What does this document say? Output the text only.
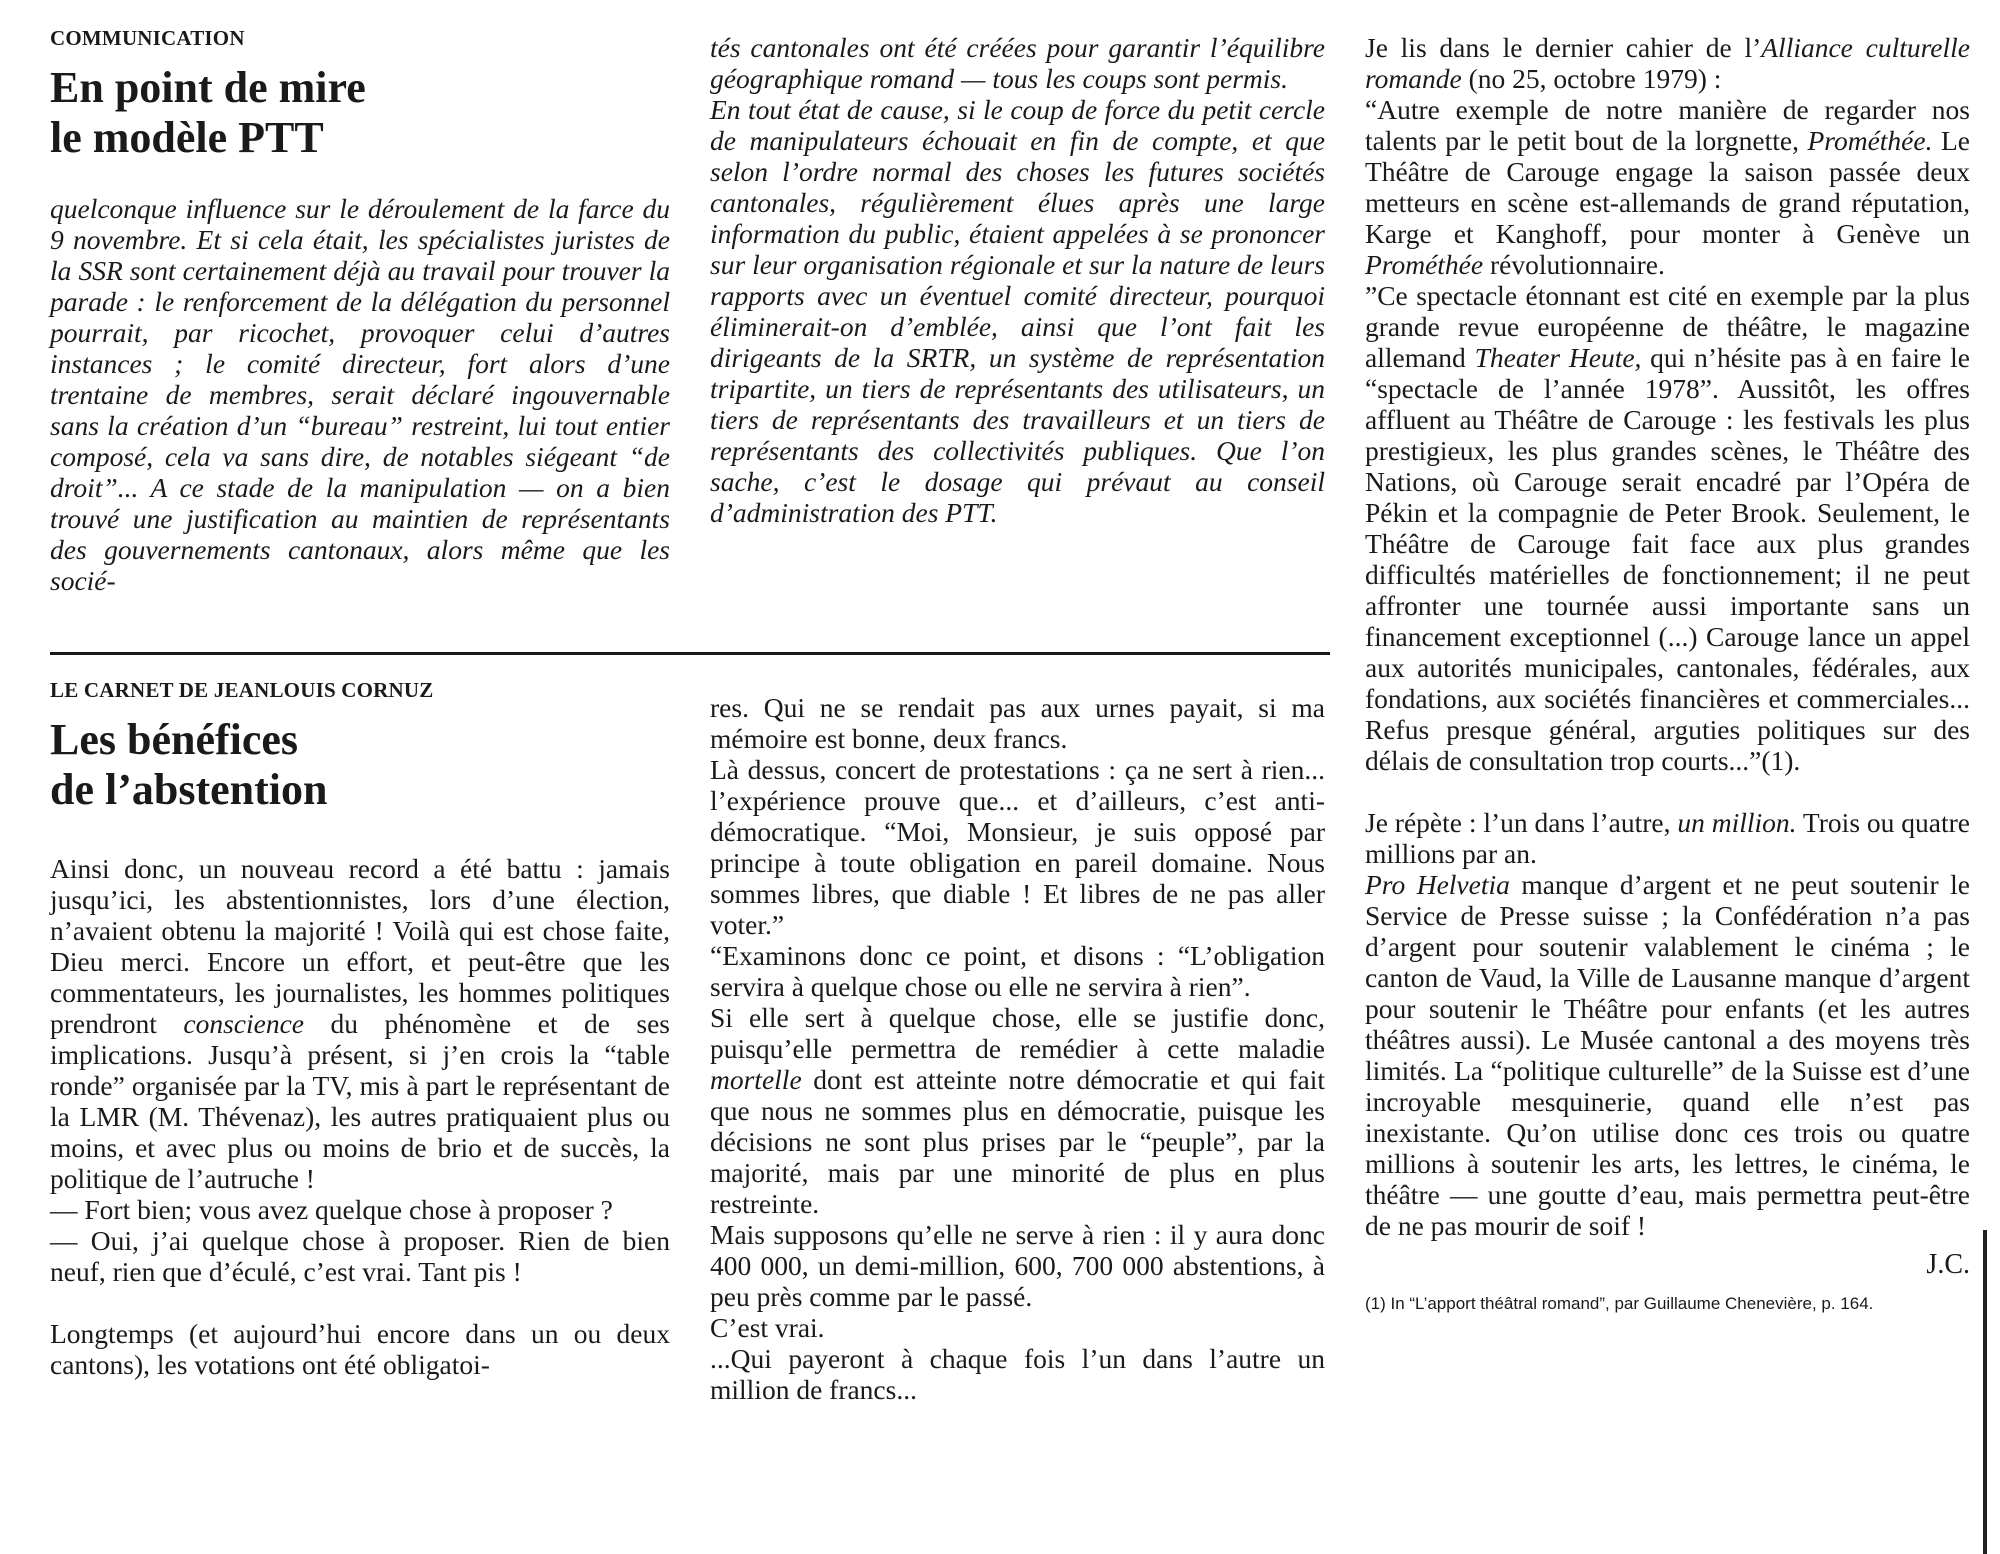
COMMUNICATION
En point de mire
le modèle PTT

quelconque influence sur le déroulement de la farce du 9 novembre. Et si cela était, les spécialistes juristes de la SSR sont certainement déjà au travail pour trouver la parade : le renforcement de la délégation du personnel pourrait, par ricochet, provoquer celui d’autres instances ; le comité directeur, fort alors d’une trentaine de membres, serait déclaré ingouvernable sans la création d’un “bureau” restreint, lui tout entier composé, cela va sans dire, de notables siégeant “de droit”... A ce stade de la manipulation — on a bien trouvé une justification au maintien de représentants des gouvernements cantonaux, alors même que les socié-

tés cantonales ont été créées pour garantir l’équilibre géographique romand — tous les coups sont permis.

En tout état de cause, si le coup de force du petit cercle de manipulateurs échouait en fin de compte, et que selon l’ordre normal des choses les futures sociétés cantonales, régulièrement élues après une large information du public, étaient appelées à se prononcer sur leur organisation régionale et sur la nature de leurs rapports avec un éventuel comité directeur, pourquoi éliminerait-on d’emblée, ainsi que l’ont fait les dirigeants de la SRTR, un système de représentation tripartite, un tiers de représentants des utilisateurs, un tiers de représentants des travailleurs et un tiers de représentants des collectivités publiques. Que l’on sache, c’est le dosage qui prévaut au conseil d’administration des PTT.

LE CARNET DE JEANLOUIS CORNUZ
Les bénéfices
de l’abstention

Ainsi donc, un nouveau record a été battu : jamais jusqu’ici, les abstentionnistes, lors d’une élection, n’avaient obtenu la majorité ! Voilà qui est chose faite, Dieu merci. Encore un effort, et peut-être que les commentateurs, les journalistes, les hommes politiques prendront conscience du phénomène et de ses implications. Jusqu’à présent, si j’en crois la “table ronde” organisée par la TV, mis à part le représentant de la LMR (M. Thévenaz), les autres pratiquaient plus ou moins, et avec plus ou moins de brio et de succès, la politique de l’autruche !

— Fort bien; vous avez quelque chose à proposer ?

— Oui, j’ai quelque chose à proposer. Rien de bien neuf, rien que d’éculé, c’est vrai. Tant pis !

Longtemps (et aujourd’hui encore dans un ou deux cantons), les votations ont été obligatoi-

res. Qui ne se rendait pas aux urnes payait, si ma mémoire est bonne, deux francs.

Là dessus, concert de protestations : ça ne sert à rien... l’expérience prouve que... et d’ailleurs, c’est anti-démocratique. “Moi, Monsieur, je suis opposé par principe à toute obligation en pareil domaine. Nous sommes libres, que diable ! Et libres de ne pas aller voter.”

“Examinons donc ce point, et disons : “L’obligation servira à quelque chose ou elle ne servira à rien”.

Si elle sert à quelque chose, elle se justifie donc, puisqu’elle permettra de remédier à cette maladie mortelle dont est atteinte notre démocratie et qui fait que nous ne sommes plus en démocratie, puisque les décisions ne sont plus prises par le “peuple”, par la majorité, mais par une minorité de plus en plus restreinte.

Mais supposons qu’elle ne serve à rien : il y aura donc 400 000, un demi-million, 600, 700 000 abstentions, à peu près comme par le passé.

C’est vrai.

...Qui payeront à chaque fois l’un dans l’autre un million de francs...

Je lis dans le dernier cahier de l’Alliance culturelle romande (no 25, octobre 1979) :

“Autre exemple de notre manière de regarder nos talents par le petit bout de la lorgnette, Prométhée. Le Théâtre de Carouge engage la saison passée deux metteurs en scène est-allemands de grand réputation, Karge et Kanghoff, pour monter à Genève un Prométhée révolutionnaire.

”Ce spectacle étonnant est cité en exemple par la plus grande revue européenne de théâtre, le magazine allemand Theater Heute, qui n’hésite pas à en faire le “spectacle de l’année 1978”. Aussitôt, les offres affluent au Théâtre de Carouge : les festivals les plus prestigieux, les plus grandes scènes, le Théâtre des Nations, où Carouge serait encadré par l’Opéra de Pékin et la compagnie de Peter Brook. Seulement, le Théâtre de Carouge fait face aux plus grandes difficultés matérielles de fonctionnement; il ne peut affronter une tournée aussi importante sans un financement exceptionnel (...) Carouge lance un appel aux autorités municipales, cantonales, fédérales, aux fondations, aux sociétés financières et commerciales... Refus presque général, arguties politiques sur des délais de consultation trop courts...”(1).

Je répète : l’un dans l’autre, un million. Trois ou quatre millions par an.

Pro Helvetia manque d’argent et ne peut soutenir le Service de Presse suisse ; la Confédération n’a pas d’argent pour soutenir valablement le cinéma ; le canton de Vaud, la Ville de Lausanne manque d’argent pour soutenir le Théâtre pour enfants (et les autres théâtres aussi). Le Musée cantonal a des moyens très limités. La “politique culturelle” de la Suisse est d’une incroyable mesquinerie, quand elle n’est pas inexistante. Qu’on utilise donc ces trois ou quatre millions à soutenir les arts, les lettres, le cinéma, le théâtre — une goutte d’eau, mais permettra peut-être de ne pas mourir de soif !

J.C.
(1) In “L’apport théâtral romand”, par Guillaume Chenevière, p. 164.
